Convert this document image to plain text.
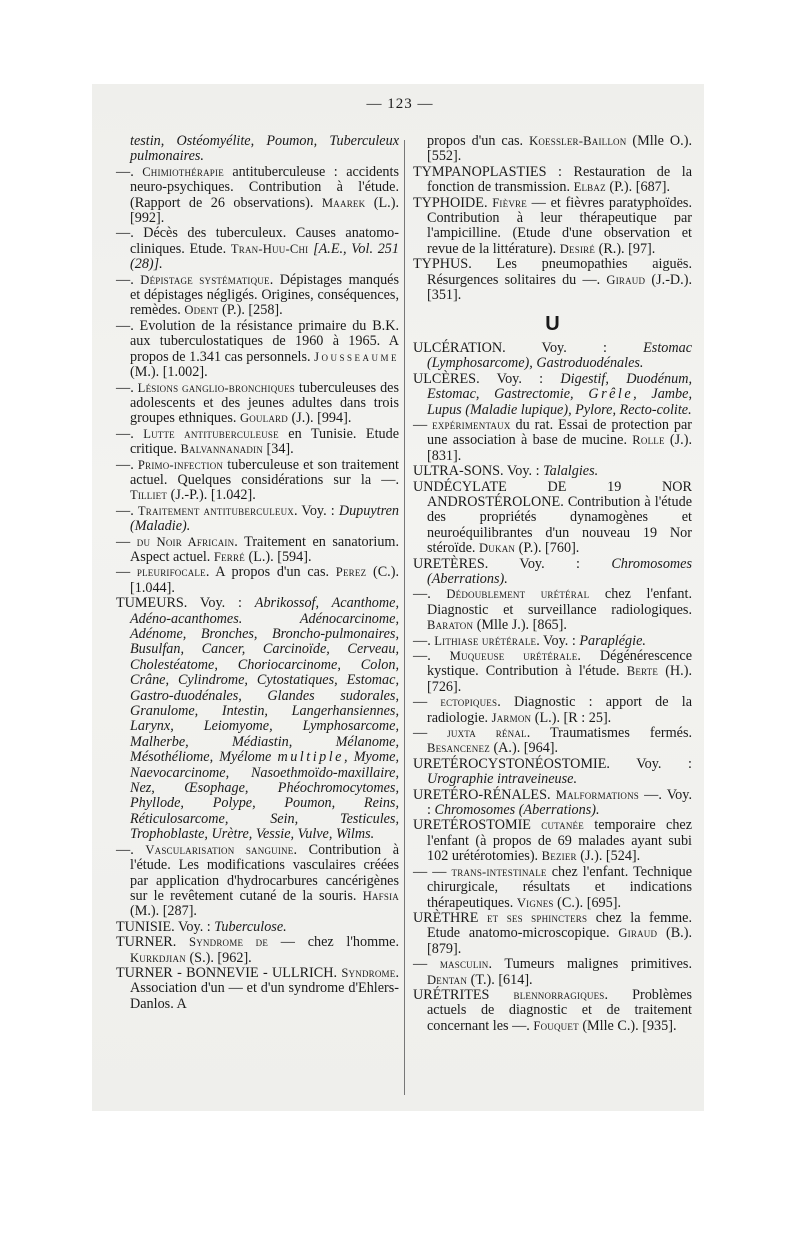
— 123 —
testin, Ostéomyélite, Poumon, Tuberculeux pulmonaires.
—. Chimiothérapie antituberculeuse : accidents neuro-psychiques. Contribution à l'étude. (Rapport de 26 observations). Maarek (L.). [992].
—. Décès des tuberculeux. Causes anatomo-cliniques. Etude. Tran-Huu-Chi [A.E., Vol. 251 (28)].
—. Dépistage systématique. Dépistages manqués et dépistages négligés. Origines, conséquences, remèdes. Odent (P.). [258].
—. Evolution de la résistance primaire du B.K. aux tuberculostatiques de 1960 à 1965. A propos de 1.341 cas personnels. Jousseaume (M.). [1.002].
—. Lésions ganglio-bronchiques tuberculeuses des adolescents et des jeunes adultes dans trois groupes ethniques. Goulard (J.). [994].
—. Lutte antituberculeuse en Tunisie. Etude critique. Balvannanadin [34].
—. Primo-infection tuberculeuse et son traitement actuel. Quelques considérations sur la —. Tilliet (J.-P.). [1.042].
—. Traitement antituberculeux. Voy. : Dupuytren (Maladie).
— du Noir Africain. Traitement en sanatorium. Aspect actuel. Ferré (L.). [594].
— pleurifocale. A propos d'un cas. Perez (C.). [1.044].
TUMEURS. Voy. : Abrikossof, Acanthome, Adéno-acanthomes. Adénocarcinome, Adénome, Bronches, Broncho-pulmonaires, Busulfan, Cancer, Carcinoïde, Cerveau, Cholestéatome, Choriocarcinome, Colon, Crâne, Cylindrome, Cytostatiques, Estomac, Gastro-duodénales, Glandes sudorales, Granulome, Intestin, Langerhansiennes, Larynx, Leiomyome, Lymphosarcome, Malherbe, Médiastin, Mélanome, Mésothéliome, Myélome multiple, Myome, Naevocarcinome, Nasoethmoïdo-maxillaire, Nez, Œsophage, Phéochromocytomes, Phyllode, Polype, Poumon, Reins, Réticulosarcome, Sein, Testicules, Trophoblaste, Urètre, Vessie, Vulve, Wilms.
—. Vascularisation sanguine. Contribution à l'étude. Les modifications vasculaires créées par application d'hydrocarbures cancérigènes sur le revêtement cutané de la souris. Hafsia (M.). [287].
TUNISIE. Voy. : Tuberculose.
TURNER. Syndrome de — chez l'homme. Kurkdjian (S.). [962].
TURNER - BONNEVIE - ULLRICH. Syndrome. Association d'un — et d'un syndrome d'Ehlers-Danlos. A
propos d'un cas. Koessler-Baillon (Mlle O.). [552].
TYMPANOPLASTIES : Restauration de la fonction de transmission. Elbaz (P.). [687].
TYPHOIDE. Fièvre — et fièvres paratyphoïdes. Contribution à leur thérapeutique par l'ampicilline. (Etude d'une observation et revue de la littérature). Desiré (R.). [97].
TYPHUS. Les pneumopathies aiguës. Résurgences solitaires du —. Giraud (J.-D.). [351].
U
ULCÉRATION. Voy. : Estomac (Lymphosarcome), Gastroduodénales.
ULCÈRES. Voy. : Digestif, Duodénum, Estomac, Gastrectomie, Grêle, Jambe, Lupus (Maladie lupique), Pylore, Recto-colite.
— expérimentaux du rat. Essai de protection par une association à base de mucine. Rolle (J.). [831].
ULTRA-SONS. Voy. : Talalgies.
UNDÉCYLATE DE 19 NOR ANDROSTÉROLONE. Contribution à l'étude des propriétés dynamogènes et neuroéquilibrantes d'un nouveau 19 Nor stéroïde. Dukan (P.). [760].
URETÈRES. Voy. : Chromosomes (Aberrations).
—. Dédoublement urétéral chez l'enfant. Diagnostic et surveillance radiologiques. Baraton (Mlle J.). [865].
—. Lithiase urétérale. Voy. : Paraplégie.
—. Muqueuse urétérale. Dégénérescence kystique. Contribution à l'étude. Berte (H.). [726].
— ectopiques. Diagnostic : apport de la radiologie. Jarmon (L.). [R : 25].
— juxta rénal. Traumatismes fermés. Besancenez (A.). [964].
URETÉROCYSTONÉOSTOMIE. Voy. : Urographie intraveineuse.
URETÉRO-RÉNALES. Malformations —. Voy. : Chromosomes (Aberrations).
URETÉROSTOMIE cutanée temporaire chez l'enfant (à propos de 69 malades ayant subi 102 urétérotomies). Bezier (J.). [524].
— — trans-intestinale chez l'enfant. Technique chirurgicale, résultats et indications thérapeutiques. Vignes (C.). [695].
URÈTHRE et ses sphincters chez la femme. Etude anatomo-microscopique. Giraud (B.). [879].
— masculin. Tumeurs malignes primitives. Dentan (T.). [614].
URÉTRITES blennorragiques. Problèmes actuels de diagnostic et de traitement concernant les —. Fouquet (Mlle C.). [935].
